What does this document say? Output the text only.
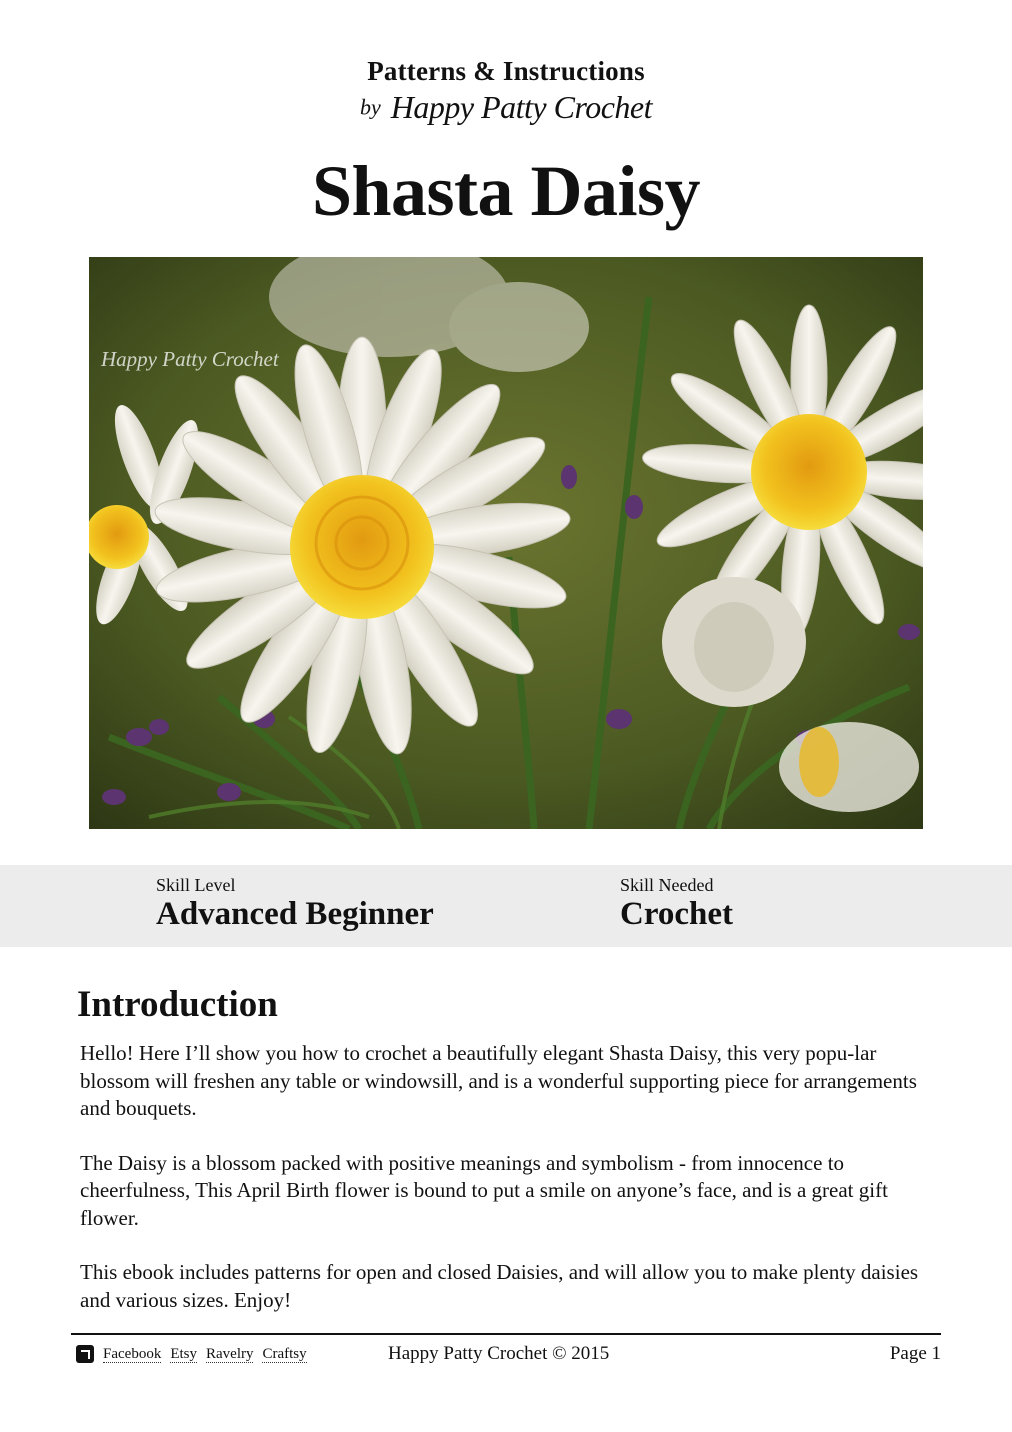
Patterns & Instructions
by Happy Patty Crochet
Shasta Daisy
Happy Patty Crochet
Skill Level
Advanced Beginner
Skill Needed
Crochet
Introduction

Hello! Here I’ll show you how to crochet a beautifully elegant Shasta Daisy, this very popu-lar blossom will freshen any table or windowsill, and is a wonderful supporting piece for arrangements and bouquets.

The Daisy is a blossom packed with positive meanings and symbolism - from innocence to cheerfulness, This April Birth flower is bound to put a smile on anyone’s face, and is a great gift flower.

This ebook includes patterns for open and closed Daisies, and will allow you to make plenty daisies and various sizes. Enjoy!

Facebook Etsy Ravelry Craftsy	Happy Patty Crochet © 2015	Page 1
